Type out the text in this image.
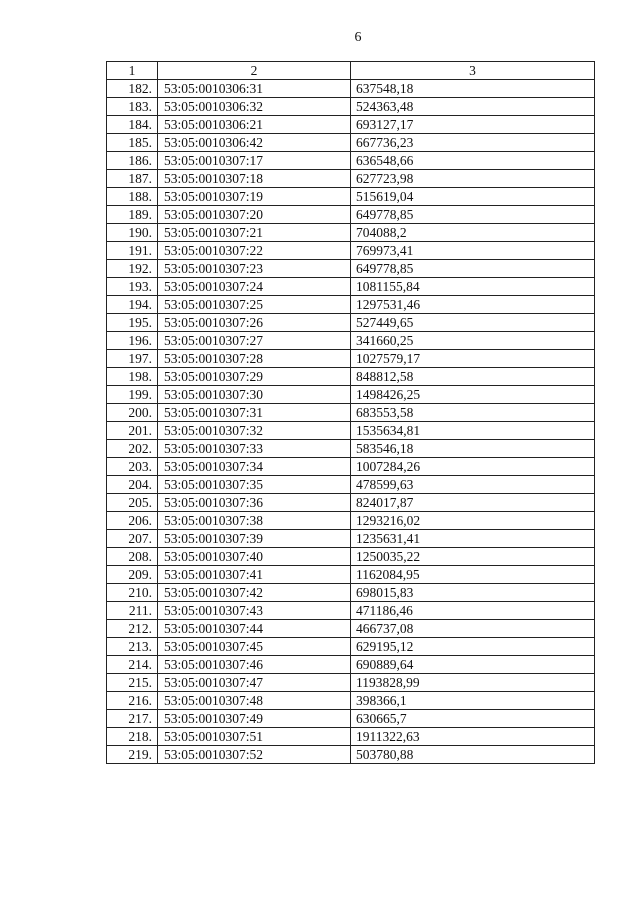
6
1	2	3
182.	53:05:0010306:31	637548,18
183.	53:05:0010306:32	524363,48
184.	53:05:0010306:21	693127,17
185.	53:05:0010306:42	667736,23
186.	53:05:0010307:17	636548,66
187.	53:05:0010307:18	627723,98
188.	53:05:0010307:19	515619,04
189.	53:05:0010307:20	649778,85
190.	53:05:0010307:21	704088,2
191.	53:05:0010307:22	769973,41
192.	53:05:0010307:23	649778,85
193.	53:05:0010307:24	1081155,84
194.	53:05:0010307:25	1297531,46
195.	53:05:0010307:26	527449,65
196.	53:05:0010307:27	341660,25
197.	53:05:0010307:28	1027579,17
198.	53:05:0010307:29	848812,58
199.	53:05:0010307:30	1498426,25
200.	53:05:0010307:31	683553,58
201.	53:05:0010307:32	1535634,81
202.	53:05:0010307:33	583546,18
203.	53:05:0010307:34	1007284,26
204.	53:05:0010307:35	478599,63
205.	53:05:0010307:36	824017,87
206.	53:05:0010307:38	1293216,02
207.	53:05:0010307:39	1235631,41
208.	53:05:0010307:40	1250035,22
209.	53:05:0010307:41	1162084,95
210.	53:05:0010307:42	698015,83
211.	53:05:0010307:43	471186,46
212.	53:05:0010307:44	466737,08
213.	53:05:0010307:45	629195,12
214.	53:05:0010307:46	690889,64
215.	53:05:0010307:47	1193828,99
216.	53:05:0010307:48	398366,1
217.	53:05:0010307:49	630665,7
218.	53:05:0010307:51	1911322,63
219.	53:05:0010307:52	503780,88
